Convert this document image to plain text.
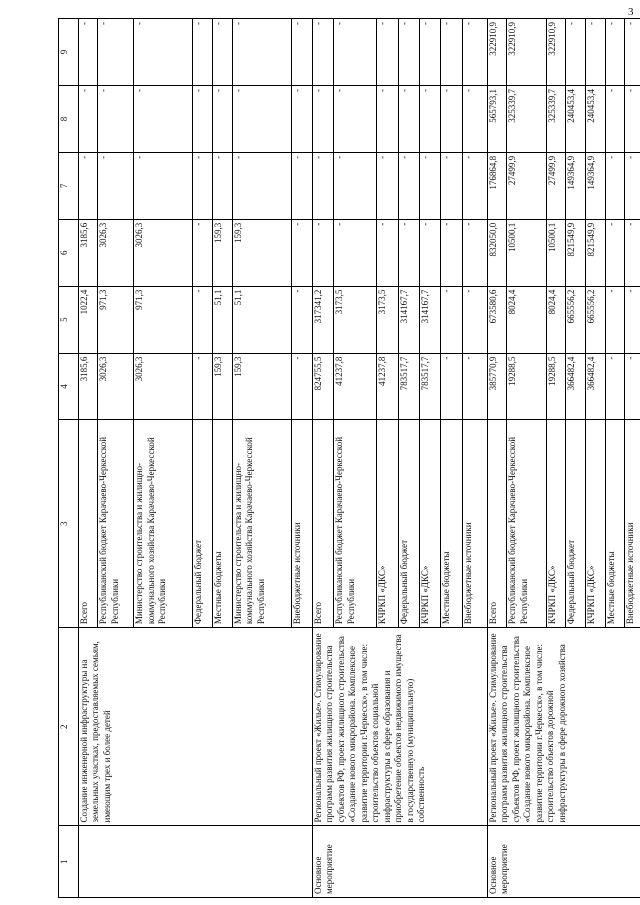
3
1	2	3	4	5	6	7	8	9
	Создание инженерной инфраструктуры на земельных участках, предоставляемых семьям, имеющим трех и более детей	Всего	3185,6	1022,4	3185,6	-	-	-
		Республиканский бюджет Карачаево-Черкесской Республики	3026,3	971,3	3026,3	-	-	-
		Министерство строительства и жилищно-коммунального хозяйства Карачаево-Черкесской Республики	3026,3	971,3	3026,3	-	-	-
		Федеральный бюджет	-	-	-	-	-	-
		Местные бюджеты	159,3	51,1	159,3	-	-	-
		Министерство строительства и жилищно-коммунального хозяйства Карачаево-Черкесской Республики	159,3	51,1	159,3	-	-	-
		Внебюджетные источники	-	-	-	-	-	-
Основное мероприятие	Региональный проект «Жилье». Стимулирование программ развития жилищного строительства субъектов РФ, проект жилищного строительства «Создание нового микрорайона. Комплексное развитие территории г.Черкесск», в том числе: строительство объектов социальной инфраструктуры в сфере образования и приобретение объектов недвижимого имущества в государственную (муниципальную) собственность	Всего	824755,5	317341,2	-	-	-	-
		Республиканский бюджет Карачаево-Черкесской Республики	41237,8	3173,5	-	-	-	-
		КЧРКП «ДКС»	41237,8	3173,5	-	-	-	-
		Федеральный бюджет	783517,7	314167,7	-	-	-	-
		КЧРКП «ДКС»	783517,7	314167,7	-	-	-	-
		Местные бюджеты	-	-	-	-	-	-
		Внебюджетные источники	-	-	-	-	-	-
Основное мероприятие	Региональный проект «Жилье». Стимулирование программ развития жилищного строительства субъектов РФ, проект жилищного строительства «Создание нового микрорайона. Комплексное развитие территории г.Черкесск», в том числе: строительство объектов дорожной инфраструктуры в сфере дорожного хозяйства	Всего	385770,9	673580,6	832050,0	176864,8	565793,1	322910,9
		Республиканский бюджет Карачаево-Черкесской Республики	19288,5	8024,4	10500,1	27499,9	325339,7	322910,9
		КЧРКП «ДКС»	19288,5	8024,4	10500,1	27499,9	325339,7	322910,9
		Федеральный бюджет	366482,4	665556,2	821549,9	149364,9	240453,4	-
		КЧРКП «ДКС»	366482,4	665556,2	821549,9	149364,9	240453,4	-
		Местные бюджеты	-	-	-	-	-	-
		Внебюджетные источники	-	-	-	-	-	-
